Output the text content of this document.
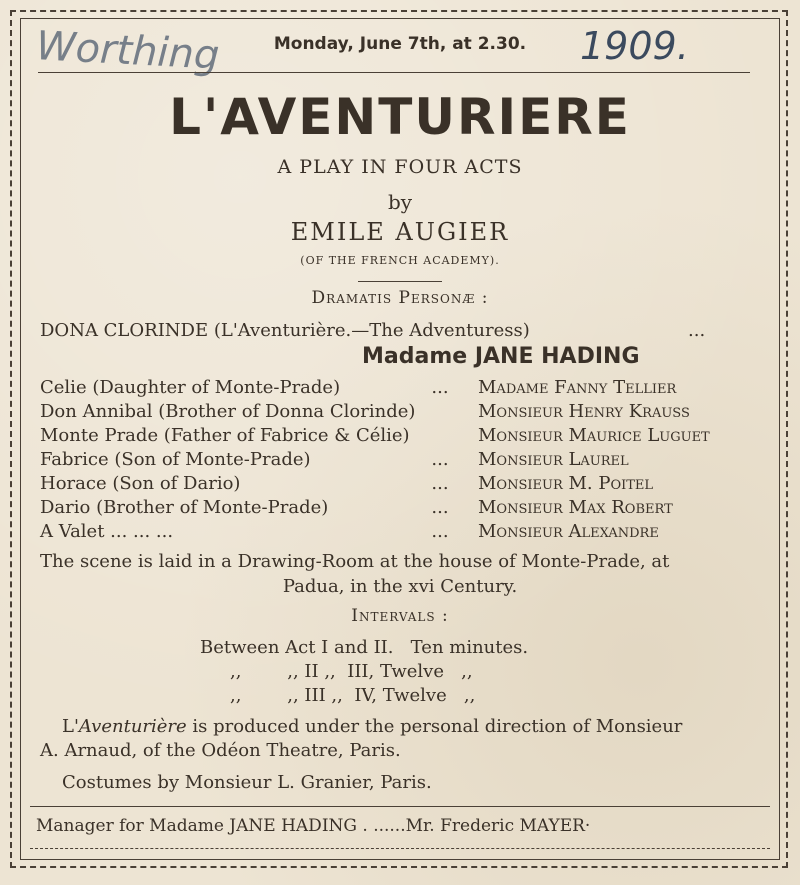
Worthing	1909.
Monday, June 7th, at 2.30.
L'AVENTURIERE
A PLAY IN FOUR ACTS
by
EMILE AUGIER
(OF THE FRENCH ACADEMY).
Dramatis Personæ :
DONA CLORINDE (L'Aventurière.—The Adventuress)	...
Madame JANE HADING
Celie (Daughter of Monte-Prade)	...	Madame Fanny Tellier
Don Annibal (Brother of Donna Clorinde)	Monsieur Henry Krauss
Monte Prade (Father of Fabrice & Célie)	Monsieur Maurice Luguet
Fabrice (Son of Monte-Prade)	...	Monsieur Laurel
Horace (Son of Dario)	...	Monsieur M. Poitel
Dario (Brother of Monte-Prade)	...	Monsieur Max Robert
A Valet ... ... ...	...	Monsieur Alexandre
The scene is laid in a Drawing-Room at the house of Monte-Prade, at
Padua, in the xvi Century.
Intervals :
Between Act I and II.   Ten minutes.
,,        ,, II ,,  III, Twelve   ,,
,,        ,, III ,,  IV, Twelve   ,,
L'Aventurière is produced under the personal direction of Monsieur
A. Arnaud, of the Odéon Theatre, Paris.
Costumes by Monsieur L. Granier, Paris.
Manager for Madame JANE HADING . ......Mr. Frederic MAYER·
